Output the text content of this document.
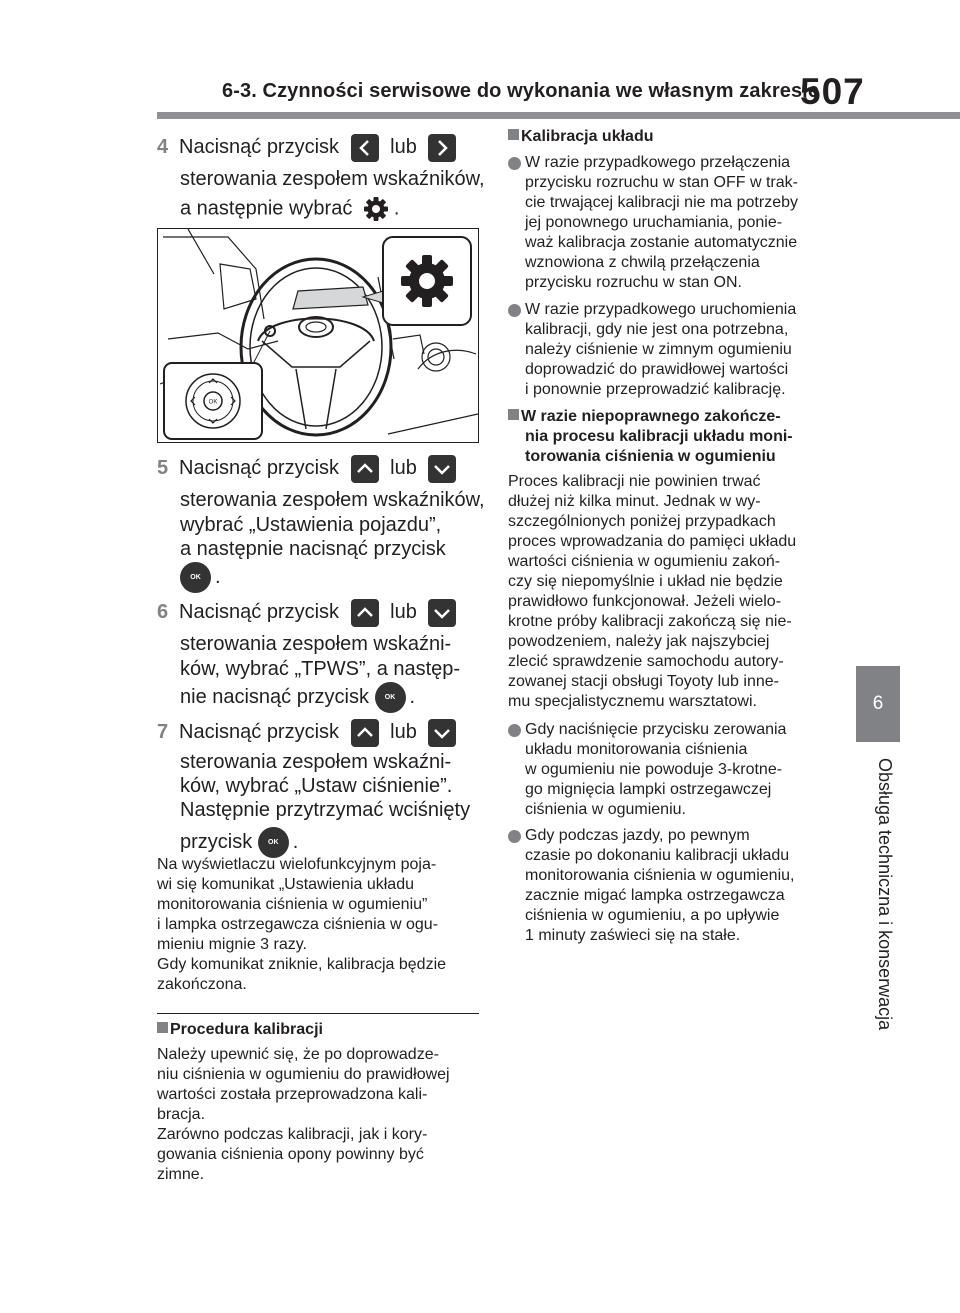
6-3. Czynności serwisowe do wykonania we własnym zakresie
507
6
Obsługa techniczna i konserwacja
4 Nacisnąć przycisk	lub
sterowania zespołem wskaźników,
a następnie wybrać .
OK
5 Nacisnąć przycisk	lub
sterowania zespołem wskaźników,
wybrać „Ustawienia pojazdu”,
a następnie nacisnąć przycisk
OK .
6 Nacisnąć przycisk	lub
sterowania zespołem wskaźni-
ków, wybrać „TPWS”, a następ-
nie nacisnąć przycisk OK .
7 Nacisnąć przycisk	lub
sterowania zespołem wskaźni-
ków, wybrać „Ustaw ciśnienie”.
Następnie przytrzymać wciśnięty
przycisk OK .
Na wyświetlaczu wielofunkcyjnym poja-
wi się komunikat „Ustawienia układu
monitorowania ciśnienia w ogumieniu”
i lampka ostrzegawcza ciśnienia w ogu-
mieniu mignie 3 razy.
Gdy komunikat zniknie, kalibracja będzie
zakończona.
Procedura kalibracji
Należy upewnić się, że po doprowadze-
niu ciśnienia w ogumieniu do prawidłowej
wartości została przeprowadzona kali-
bracja.
Zarówno podczas kalibracji, jak i kory-
gowania ciśnienia opony powinny być
zimne.
Kalibracja układu
W razie przypadkowego przełączenia
przycisku rozruchu w stan OFF w trak-
cie trwającej kalibracji nie ma potrzeby
jej ponownego uruchamiania, ponie-
waż kalibracja zostanie automatycznie
wznowiona z chwilą przełączenia
przycisku rozruchu w stan ON.
W razie przypadkowego uruchomienia
kalibracji, gdy nie jest ona potrzebna,
należy ciśnienie w zimnym ogumieniu
doprowadzić do prawidłowej wartości
i ponownie przeprowadzić kalibrację.
W razie niepoprawnego zakończe-
nia procesu kalibracji układu moni-
torowania ciśnienia w ogumieniu
Proces kalibracji nie powinien trwać
dłużej niż kilka minut. Jednak w wy-
szczególnionych poniżej przypadkach
proces wprowadzania do pamięci układu
wartości ciśnienia w ogumieniu zakoń-
czy się niepomyślnie i układ nie będzie
prawidłowo funkcjonował. Jeżeli wielo-
krotne próby kalibracji zakończą się nie-
powodzeniem, należy jak najszybciej
zlecić sprawdzenie samochodu autory-
zowanej stacji obsługi Toyoty lub inne-
mu specjalistycznemu warsztatowi.
Gdy naciśnięcie przycisku zerowania
układu monitorowania ciśnienia
w ogumieniu nie powoduje 3-krotne-
go mignięcia lampki ostrzegawczej
ciśnienia w ogumieniu.
Gdy podczas jazdy, po pewnym
czasie po dokonaniu kalibracji układu
monitorowania ciśnienia w ogumieniu,
zacznie migać lampka ostrzegawcza
ciśnienia w ogumieniu, a po upływie
1 minuty zaświeci się na stałe.
